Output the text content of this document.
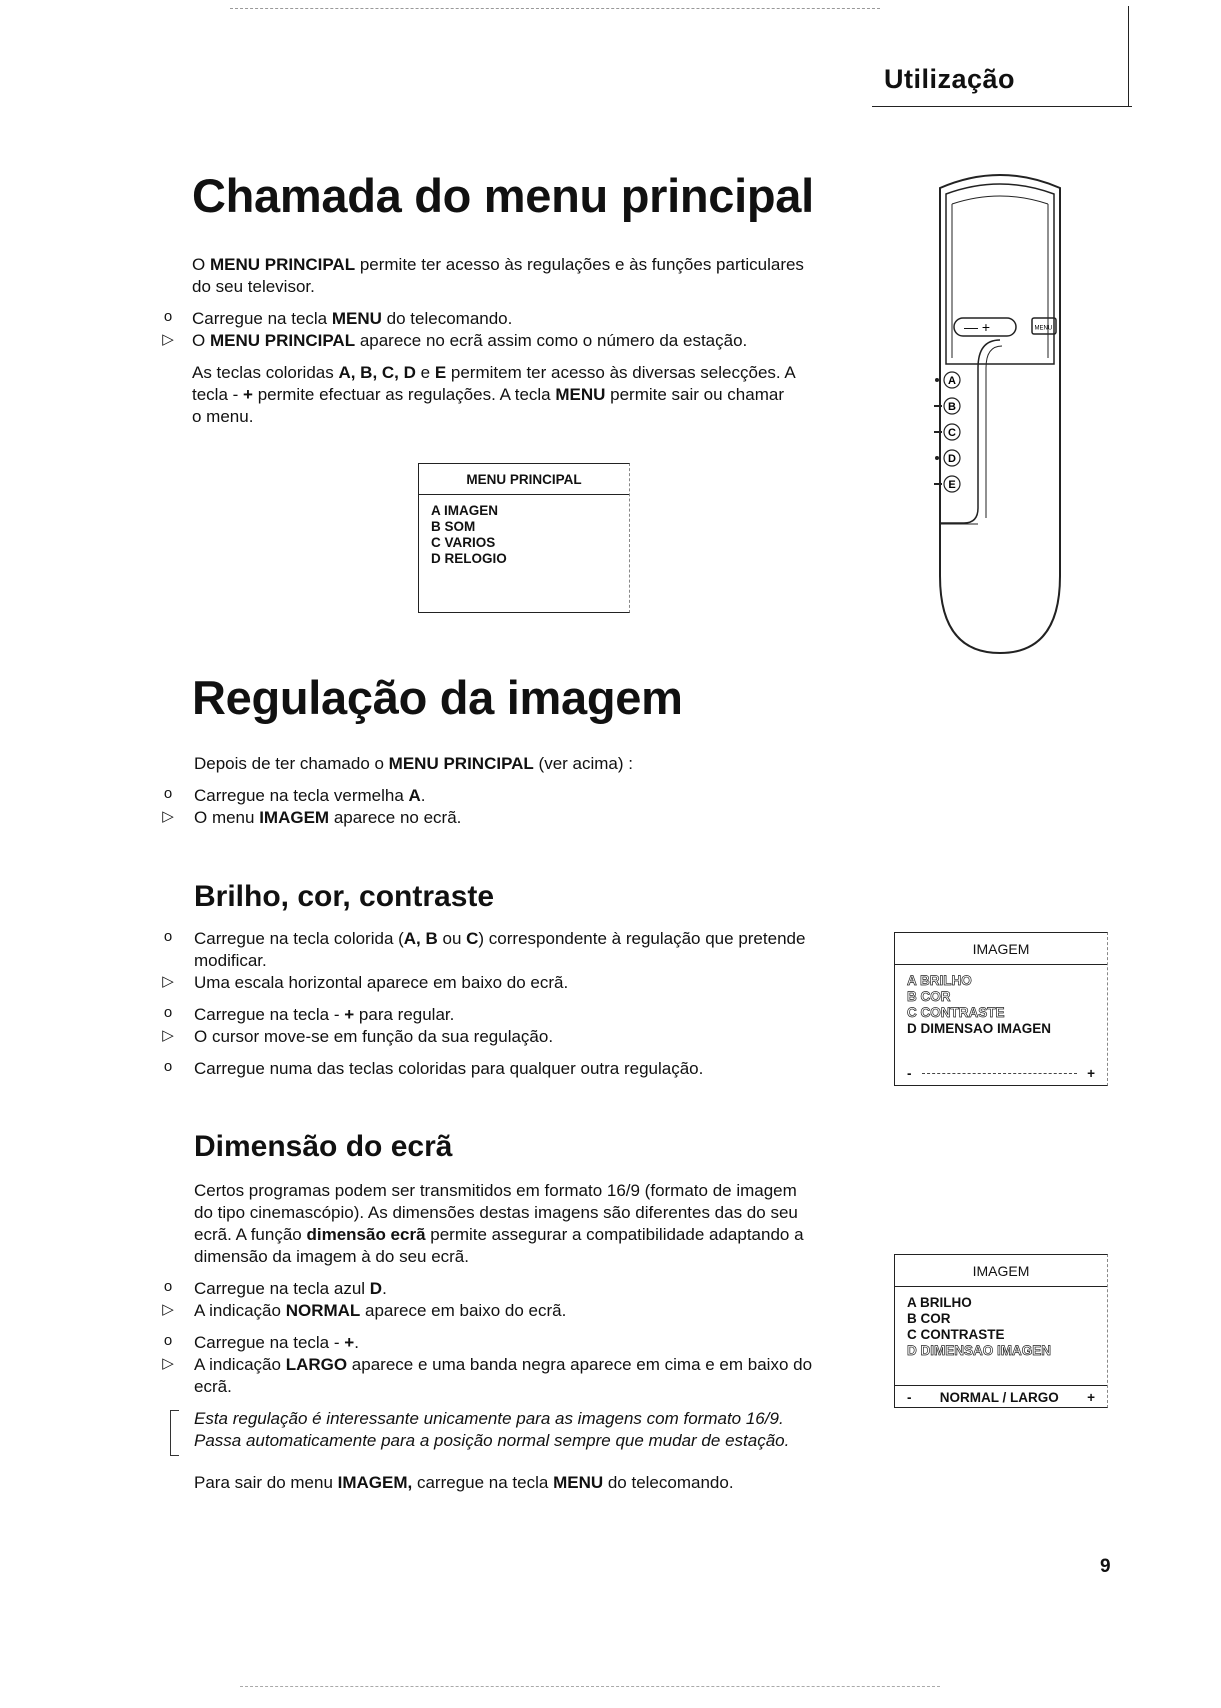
Utilização
Chamada do menu principal
O MENU PRINCIPAL permite ter acesso às regulações e às funções particulares
do seu televisor.
o	Carregue na tecla MENU do telecomando.
▷ O MENU PRINCIPAL aparece no ecrã assim como o número da estação.
As teclas coloridas A, B, C, D e E permitem ter acesso às diversas selecções. A
tecla - + permite efectuar as regulações. A tecla MENU permite sair ou chamar
o menu.
MENU PRINCIPAL
A IMAGEN
B SOM
C VARIOS
D RELOGIO
— +	MENU
A
B
C
D
E
Regulação da imagem
Depois de ter chamado o MENU PRINCIPAL (ver acima) :
o	Carregue na tecla vermelha A.
▷ O menu IMAGEM aparece no ecrã.
Brilho, cor, contraste
o	Carregue na tecla colorida (A, B ou C) correspondente à regulação que pretende
modificar.
▷ Uma escala horizontal aparece em baixo do ecrã.
o	Carregue na tecla - + para regular.
▷ O cursor move-se em função da sua regulação.
o	Carregue numa das teclas coloridas para qualquer outra regulação.
IMAGEM
A BRILHO
B COR
C CONTRASTE
D DIMENSAO IMAGEN
-	+
Dimensão do ecrã
Certos programas podem ser transmitidos em formato 16/9 (formato de imagem
do tipo cinemascópio). As dimensões destas imagens são diferentes das do seu
ecrã. A função dimensão ecrã permite assegurar a compatibilidade adaptando a
dimensão da imagem à do seu ecrã.
o	Carregue na tecla azul D.
▷ A indicação NORMAL aparece em baixo do ecrã.
o	Carregue na tecla - +.
▷ A indicação LARGO aparece e uma banda negra aparece em cima e em baixo do
ecrã.
Esta regulação é interessante unicamente para as imagens com formato 16/9.
Passa automaticamente para a posição normal sempre que mudar de estação.
Para sair do menu IMAGEM, carregue na tecla MENU do telecomando.
IMAGEM
A BRILHO
B COR
C CONTRASTE
D DIMENSAO IMAGEN
- NORMAL / LARGO +
9
